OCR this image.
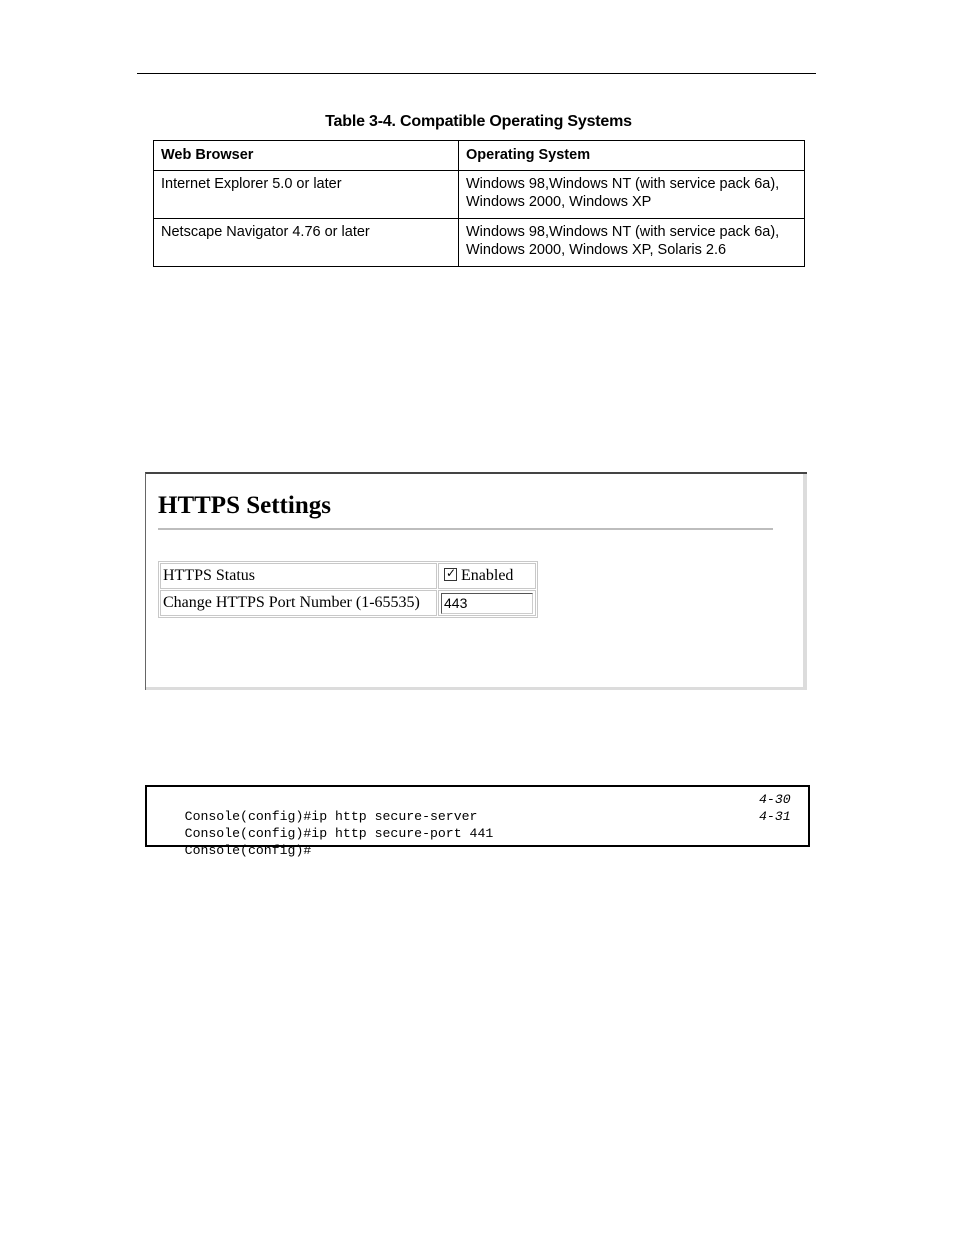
Table 3-4. Compatible Operating Systems
Web Browser	Operating System
Internet Explorer 5.0 or later	Windows 98,Windows NT (with service pack 6a),
Windows 2000, Windows XP

Netscape Navigator 4.76 or later	Windows 98,Windows NT (with service pack 6a),
Windows 2000, Windows XP, Solaris 2.6
HTTPS Settings
HTTPS Status	✓ Enabled
Change HTTPS Port Number (1-65535)	443

Console(config)#ip http secure-server
4-30

Console(config)#ip http secure-port 441
4-31

Console(config)#
